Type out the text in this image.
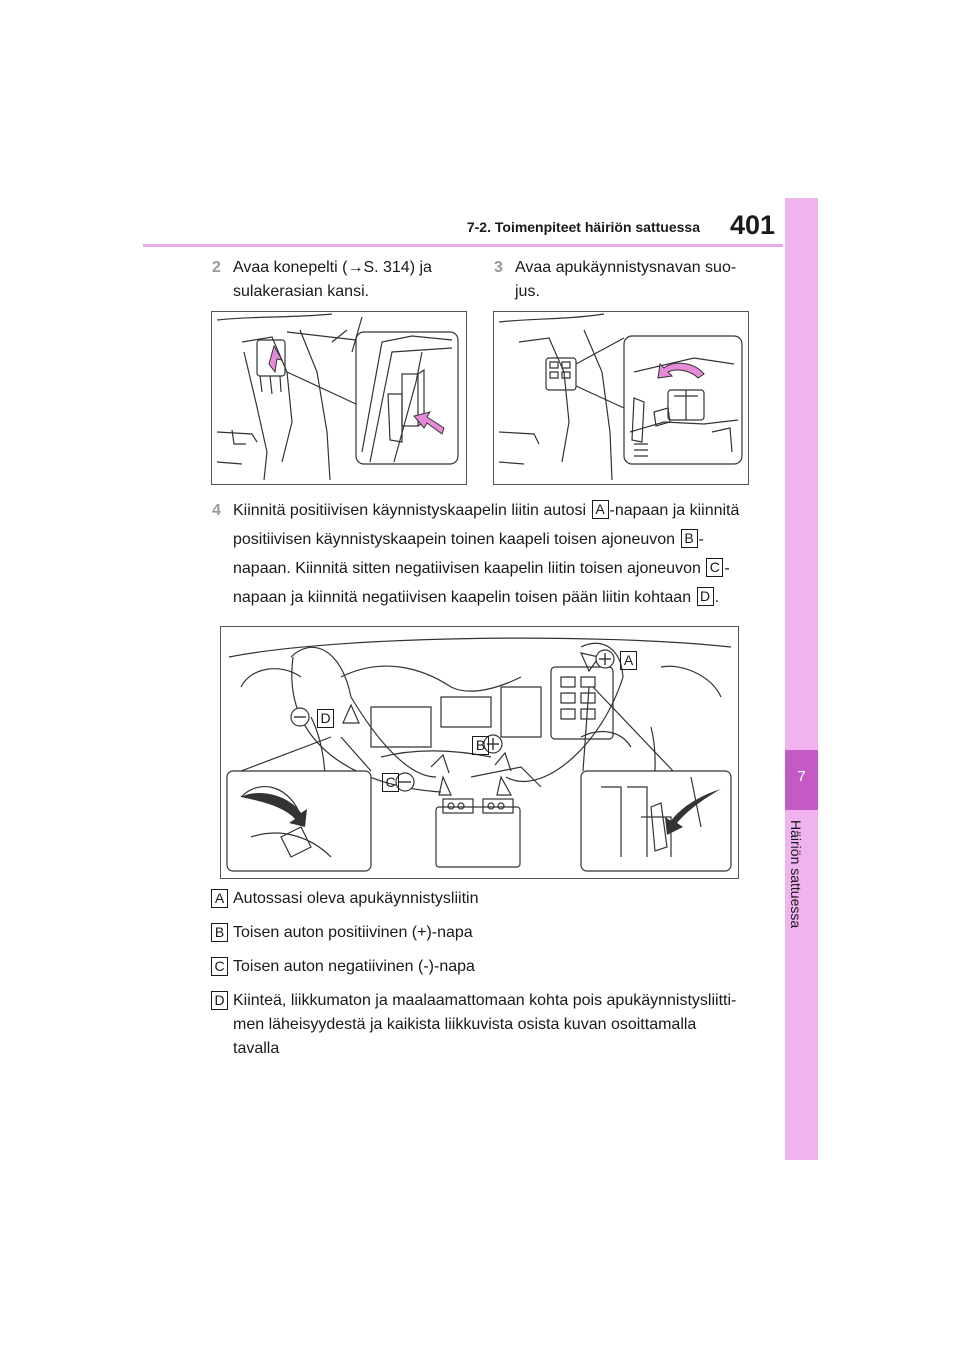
7-2. Toimenpiteet häiriön sattuessa	401
7
Häiriön sattuessa
2 Avaa konepelti (→S. 314) ja
sulakerasian kansi.
3 Avaa apukäynnistysnavan suo-
jus.
4 Kiinnitä positiivisen käynnistyskaapelin liitin autosi A -napaan ja kiinnitä
positiivisen käynnistyskaapein toinen kaapeli toisen ajoneuvon B -
napaan. Kiinnitä sitten negatiivisen kaapelin liitin toisen ajoneuvon C -
napaan ja kiinnitä negatiivisen kaapelin toisen pään liitin kohtaan D .
D
B
C
A
A Autossasi oleva apukäynnistysliitin
B Toisen auton positiivinen (+)-napa
C Toisen auton negatiivinen (-)-napa
D Kiinteä, liikkumaton ja maalaamattomaan kohta pois apukäynnistysliitti-
men läheisyydestä ja kaikista liikkuvista osista kuvan osoittamalla
tavalla
